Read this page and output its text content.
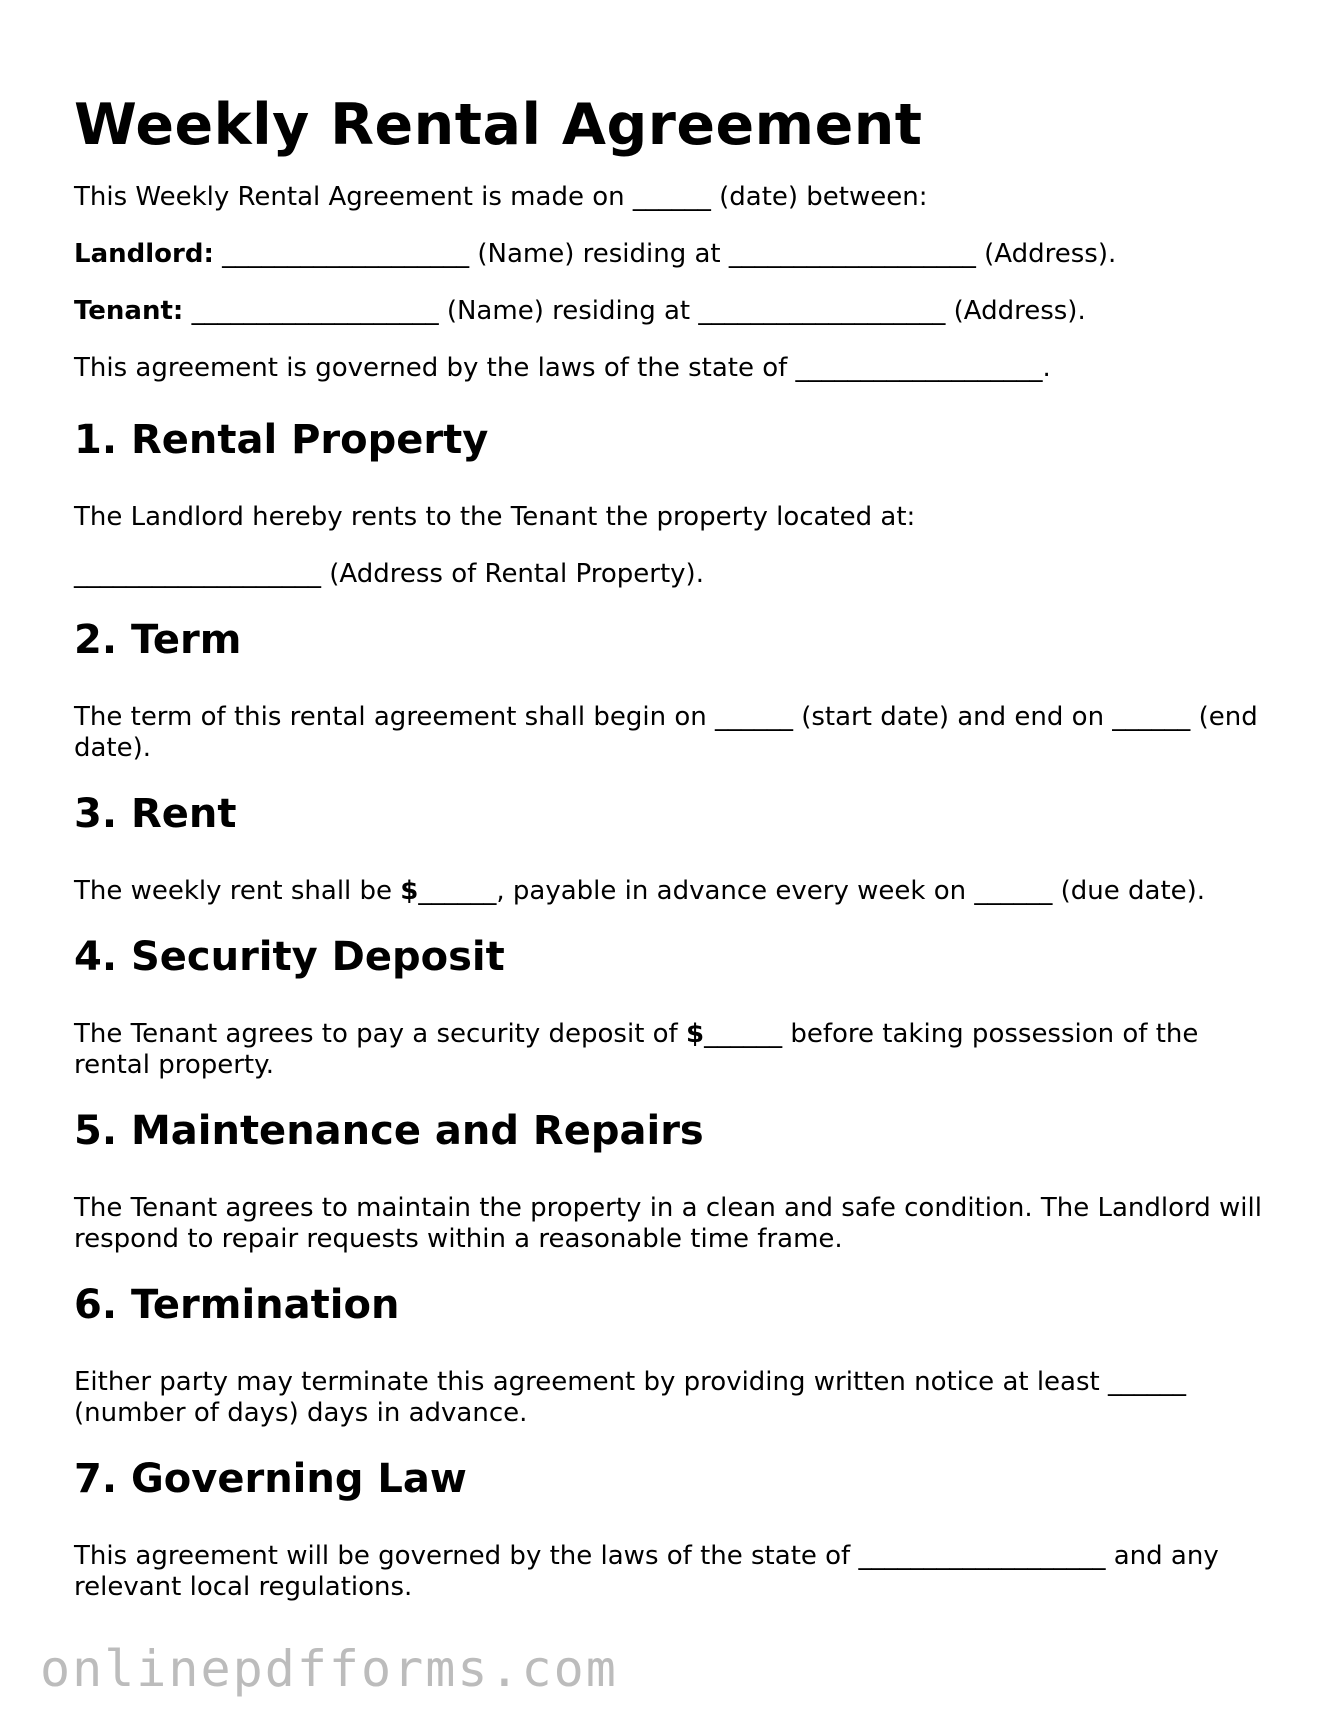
Weekly Rental Agreement

This Weekly Rental Agreement is made on ______ (date) between:

Landlord: ___________________ (Name) residing at ___________________ (Address).

Tenant: ___________________ (Name) residing at ___________________ (Address).

This agreement is governed by the laws of the state of ___________________.

1. Rental Property

The Landlord hereby rents to the Tenant the property located at:

___________________ (Address of Rental Property).

2. Term

The term of this rental agreement shall begin on ______ (start date) and end on ______ (end date).

3. Rent

The weekly rent shall be $______, payable in advance every week on ______ (due date).

4. Security Deposit

The Tenant agrees to pay a security deposit of $______ before taking possession of the rental property.

5. Maintenance and Repairs

The Tenant agrees to maintain the property in a clean and safe condition. The Landlord will respond to repair requests within a reasonable time frame.

6. Termination

Either party may terminate this agreement by providing written notice at least ______ (number of days) days in advance.

7. Governing Law

This agreement will be governed by the laws of the state of ___________________ and any relevant local regulations.

onlinepdfforms.com
